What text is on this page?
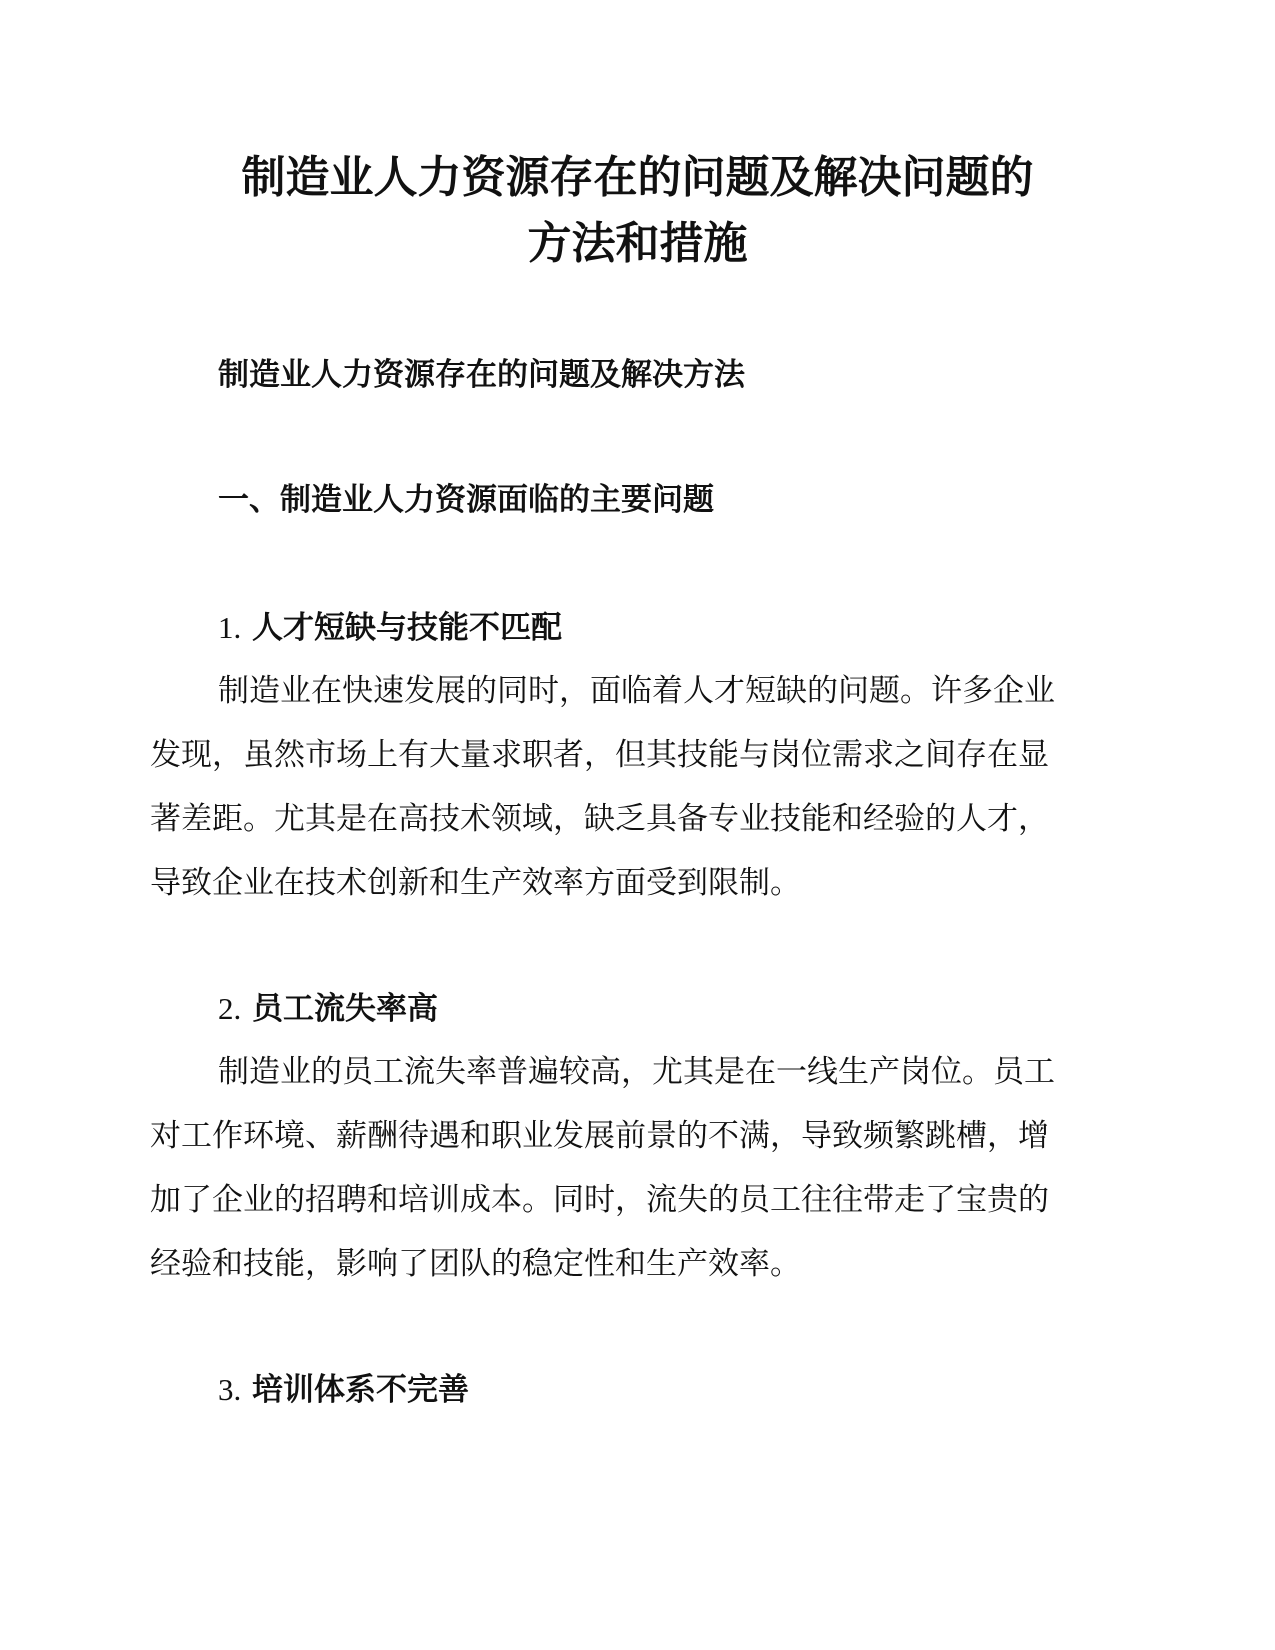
制造业人力资源存在的问题及解决问题的
方法和措施
制造业人力资源存在的问题及解决方法
一、制造业人力资源面临的主要问题
1. 人才短缺与技能不匹配

制造业在快速发展的同时，面临着人才短缺的问题。许多企业

发现，虽然市场上有大量求职者，但其技能与岗位需求之间存在显

著差距。尤其是在高技术领域，缺乏具备专业技能和经验的人才，

导致企业在技术创新和生产效率方面受到限制。

2. 员工流失率高

制造业的员工流失率普遍较高，尤其是在一线生产岗位。员工

对工作环境、薪酬待遇和职业发展前景的不满，导致频繁跳槽，增

加了企业的招聘和培训成本。同时，流失的员工往往带走了宝贵的

经验和技能，影响了团队的稳定性和生产效率。

3. 培训体系不完善
